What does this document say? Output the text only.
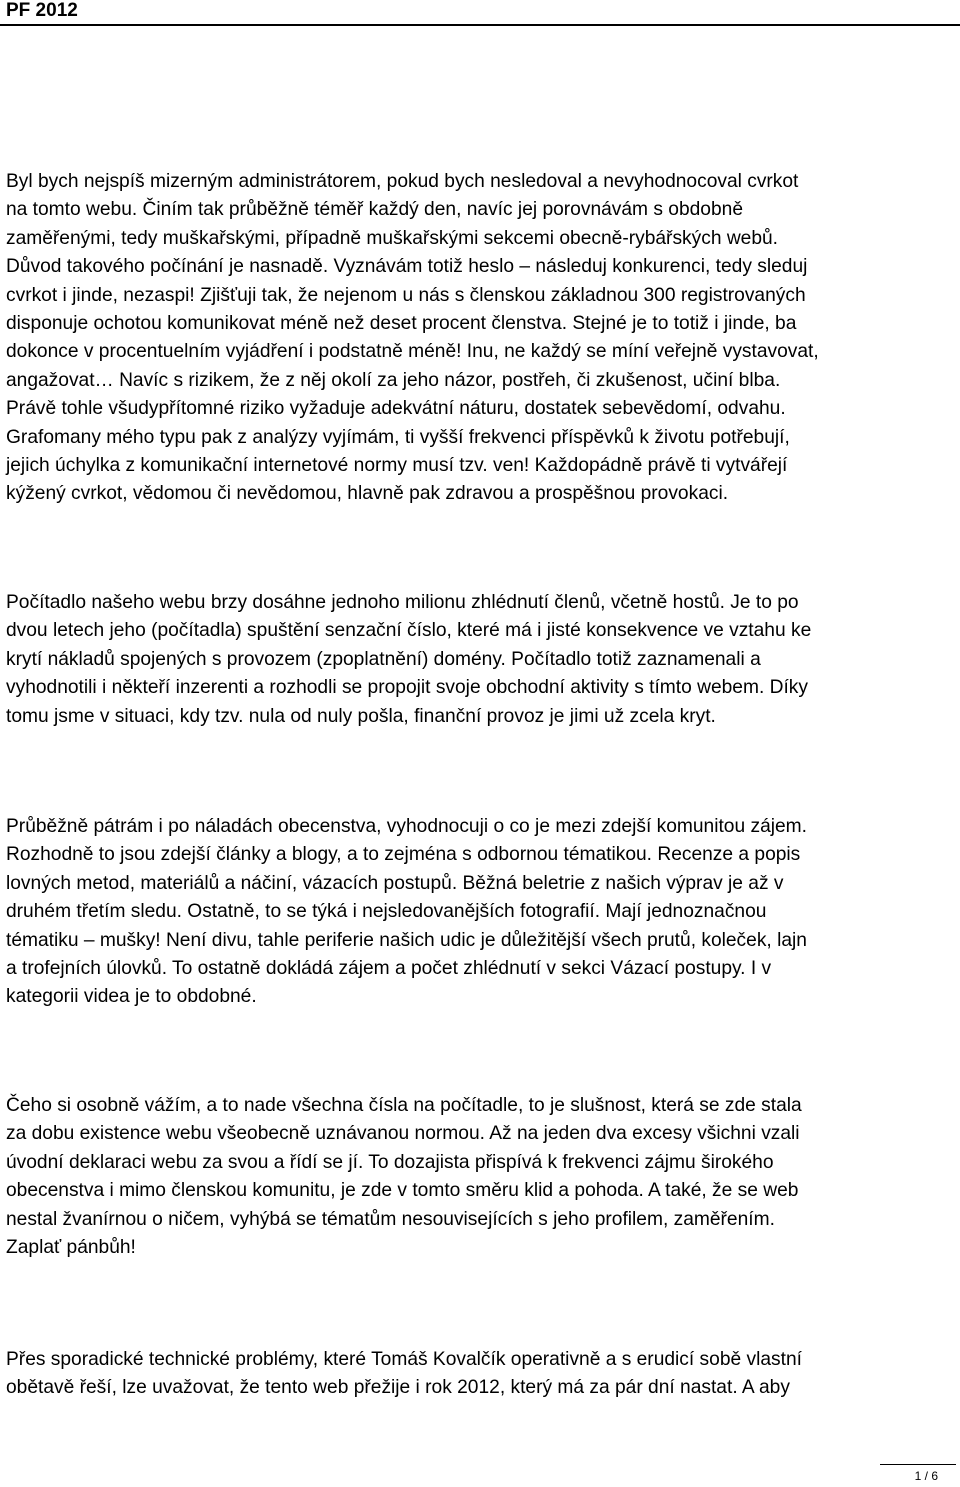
PF 2012

Byl bych nejspíš mizerným administrátorem, pokud bych nesledoval a nevyhodnocoval cvrkot
na tomto webu. Činím tak průběžně téměř každý den, navíc jej porovnávám s obdobně
zaměřenými, tedy muškařskými, případně muškařskými sekcemi obecně-rybářských webů.
Důvod takového počínání je nasnadě. Vyznávám totiž heslo – následuj konkurenci, tedy sleduj
cvrkot i jinde, nezaspi! Zjišťuji tak, že nejenom u nás s členskou základnou 300 registrovaných
disponuje ochotou komunikovat méně než deset procent členstva. Stejné je to totiž i jinde, ba
dokonce v procentuelním vyjádření i podstatně méně! Inu, ne každý se míní veřejně vystavovat,
angažovat… Navíc s rizikem, že z něj okolí za jeho názor, postřeh, či zkušenost, učiní blba.
Právě tohle všudypřítomné riziko vyžaduje adekvátní náturu, dostatek sebevědomí, odvahu.
Grafomany mého typu pak z analýzy vyjímám, ti vyšší frekvenci příspěvků k životu potřebují,
jejich úchylka z komunikační internetové normy musí tzv. ven! Každopádně právě ti vytvářejí
kýžený cvrkot, vědomou či nevědomou, hlavně pak zdravou a prospěšnou provokaci.

Počítadlo našeho webu brzy dosáhne jednoho milionu zhlédnutí členů, včetně hostů. Je to po
dvou letech jeho (počítadla) spuštění senzační číslo, které má i jisté konsekvence ve vztahu ke
krytí nákladů spojených s provozem (zpoplatnění) domény. Počítadlo totiž zaznamenali a
vyhodnotili i někteří inzerenti a rozhodli se propojit svoje obchodní aktivity s tímto webem. Díky
tomu jsme v situaci, kdy tzv. nula od nuly pošla, finanční provoz je jimi už zcela kryt.

Průběžně pátrám i po náladách obecenstva, vyhodnocuji o co je mezi zdejší komunitou zájem.
Rozhodně to jsou zdejší články a blogy, a to zejména s odbornou tématikou. Recenze a popis
lovných metod, materiálů a náčiní, vázacích postupů. Běžná beletrie z našich výprav je až v
druhém třetím sledu. Ostatně, to se týká i nejsledovanějších fotografií. Mají jednoznačnou
tématiku – mušky! Není divu, tahle periferie našich udic je důležitější všech prutů, koleček, lajn
a trofejních úlovků. To ostatně dokládá zájem a počet zhlédnutí v sekci Vázací postupy. I v
kategorii videa je to obdobné.

Čeho si osobně vážím, a to nade všechna čísla na počítadle, to je slušnost, která se zde stala
za dobu existence webu všeobecně uznávanou normou. Až na jeden dva excesy všichni vzali
úvodní deklaraci webu za svou a řídí se jí. To dozajista přispívá k frekvenci zájmu širokého
obecenstva i mimo členskou komunitu, je zde v tomto směru klid a pohoda. A také, že se web
nestal žvanírnou o ničem, vyhýbá se tématům nesouvisejících s jeho profilem, zaměřením.
Zaplať pánbůh!

Přes sporadické technické problémy, které Tomáš Kovalčík operativně a s erudicí sobě vlastní
obětavě řeší, lze uvažovat, že tento web přežije i rok 2012, který má za pár dní nastat. A aby

1 / 6
